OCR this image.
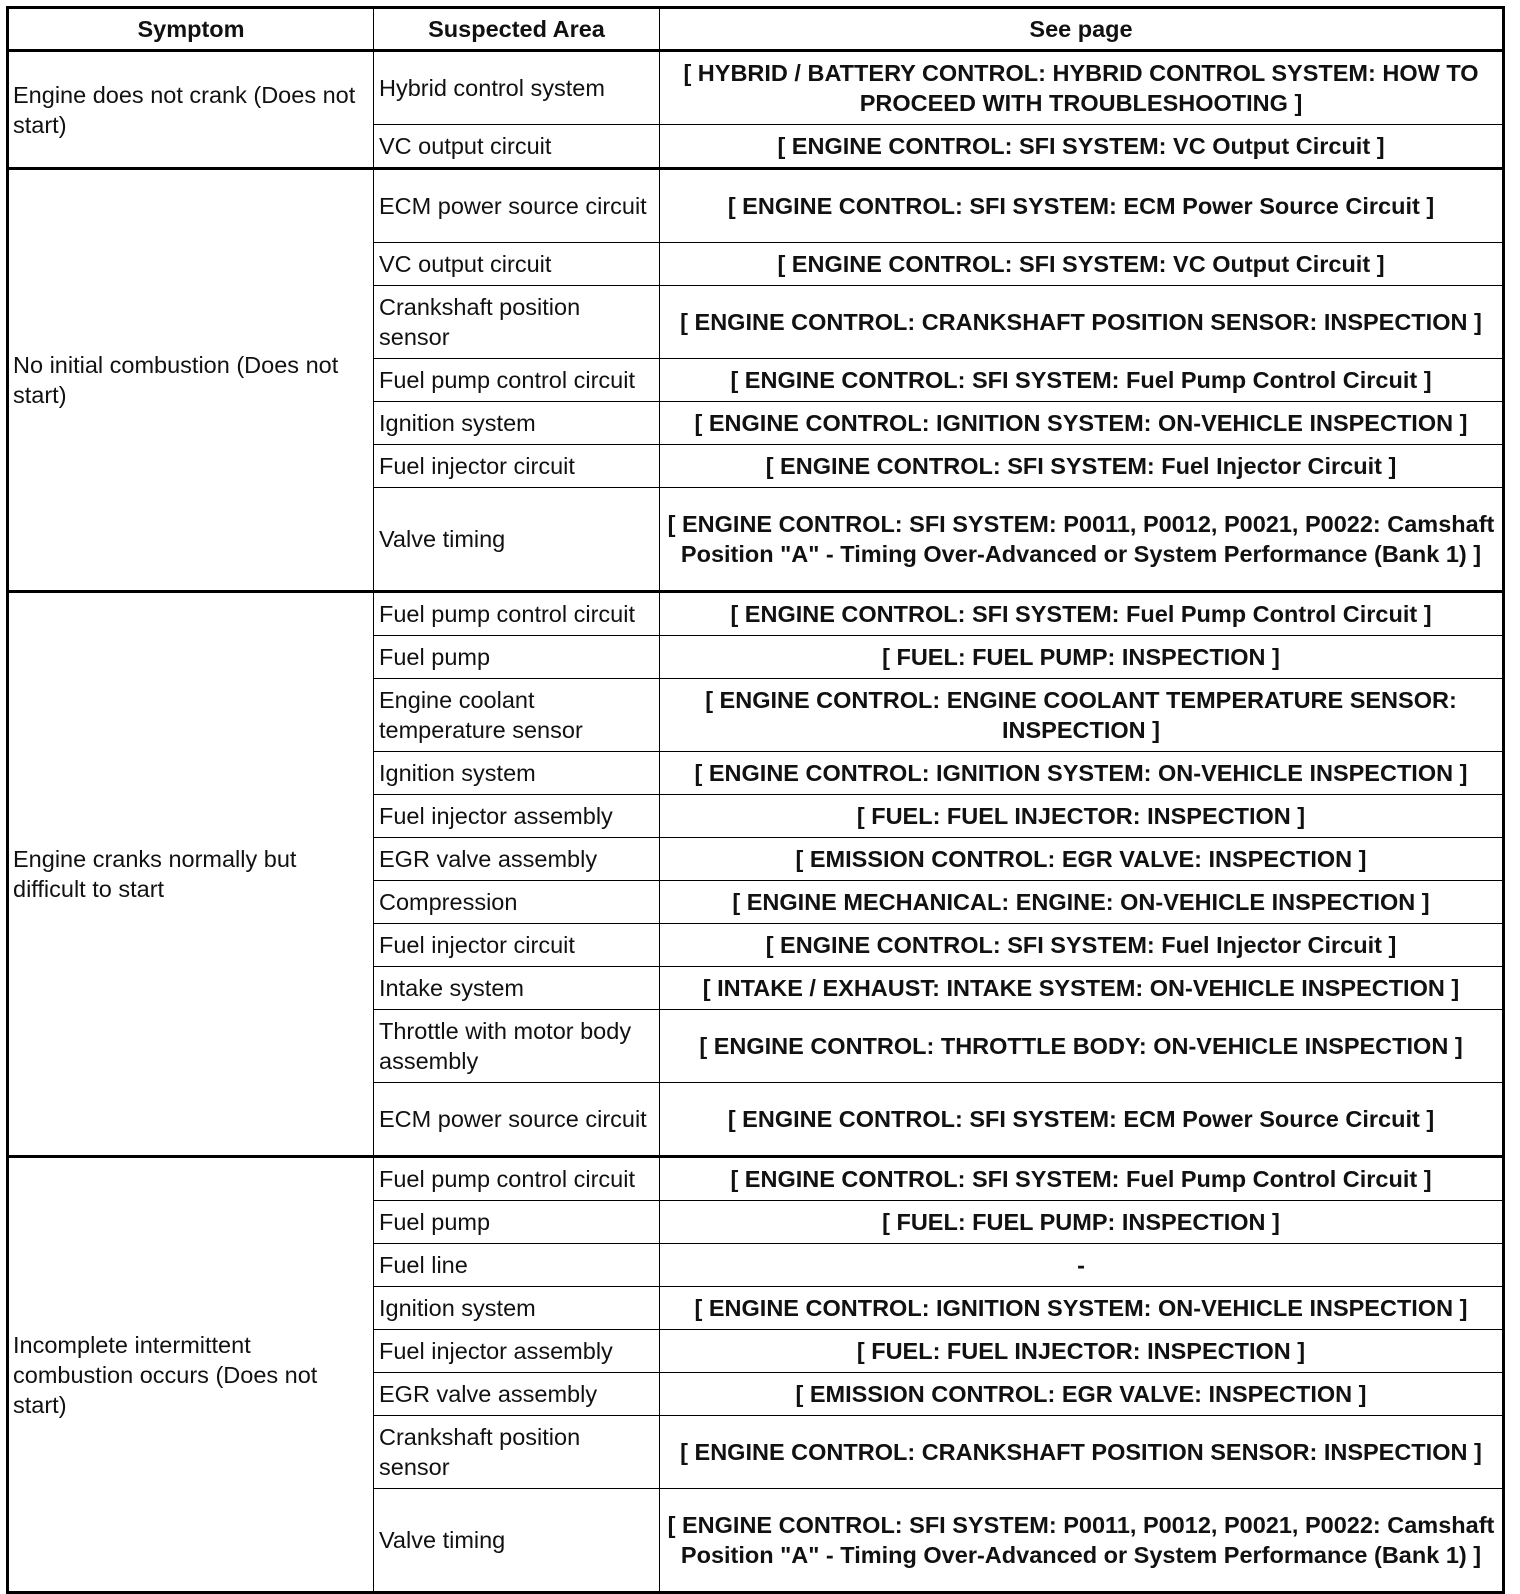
Symptom	Suspected Area	See page
Engine does not crank (Does not start)	Hybrid control system	[ HYBRID / BATTERY CONTROL: HYBRID CONTROL SYSTEM: HOW TO PROCEED WITH TROUBLESHOOTING ]
	VC output circuit	[ ENGINE CONTROL: SFI SYSTEM: VC Output Circuit ]
No initial combustion (Does not start)	ECM power source circuit	[ ENGINE CONTROL: SFI SYSTEM: ECM Power Source Circuit ]
	VC output circuit	[ ENGINE CONTROL: SFI SYSTEM: VC Output Circuit ]
	Crankshaft position sensor	[ ENGINE CONTROL: CRANKSHAFT POSITION SENSOR: INSPECTION ]
	Fuel pump control circuit	[ ENGINE CONTROL: SFI SYSTEM: Fuel Pump Control Circuit ]
	Ignition system	[ ENGINE CONTROL: IGNITION SYSTEM: ON-VEHICLE INSPECTION ]
	Fuel injector circuit	[ ENGINE CONTROL: SFI SYSTEM: Fuel Injector Circuit ]
	Valve timing	[ ENGINE CONTROL: SFI SYSTEM: P0011, P0012, P0021, P0022: Camshaft Position "A" - Timing Over-Advanced or System Performance (Bank 1) ]
Engine cranks normally but difficult to start	Fuel pump control circuit	[ ENGINE CONTROL: SFI SYSTEM: Fuel Pump Control Circuit ]
	Fuel pump	[ FUEL: FUEL PUMP: INSPECTION ]
	Engine coolant temperature sensor	[ ENGINE CONTROL: ENGINE COOLANT TEMPERATURE SENSOR: INSPECTION ]
	Ignition system	[ ENGINE CONTROL: IGNITION SYSTEM: ON-VEHICLE INSPECTION ]
	Fuel injector assembly	[ FUEL: FUEL INJECTOR: INSPECTION ]
	EGR valve assembly	[ EMISSION CONTROL: EGR VALVE: INSPECTION ]
	Compression	[ ENGINE MECHANICAL: ENGINE: ON-VEHICLE INSPECTION ]
	Fuel injector circuit	[ ENGINE CONTROL: SFI SYSTEM: Fuel Injector Circuit ]
	Intake system	[ INTAKE / EXHAUST: INTAKE SYSTEM: ON-VEHICLE INSPECTION ]
	Throttle with motor body assembly	[ ENGINE CONTROL: THROTTLE BODY: ON-VEHICLE INSPECTION ]
	ECM power source circuit	[ ENGINE CONTROL: SFI SYSTEM: ECM Power Source Circuit ]
Incomplete intermittent combustion occurs (Does not start)	Fuel pump control circuit	[ ENGINE CONTROL: SFI SYSTEM: Fuel Pump Control Circuit ]
	Fuel pump	[ FUEL: FUEL PUMP: INSPECTION ]
	Fuel line	-
	Ignition system	[ ENGINE CONTROL: IGNITION SYSTEM: ON-VEHICLE INSPECTION ]
	Fuel injector assembly	[ FUEL: FUEL INJECTOR: INSPECTION ]
	EGR valve assembly	[ EMISSION CONTROL: EGR VALVE: INSPECTION ]
	Crankshaft position sensor	[ ENGINE CONTROL: CRANKSHAFT POSITION SENSOR: INSPECTION ]
	Valve timing	[ ENGINE CONTROL: SFI SYSTEM: P0011, P0012, P0021, P0022: Camshaft Position "A" - Timing Over-Advanced or System Performance (Bank 1) ]
